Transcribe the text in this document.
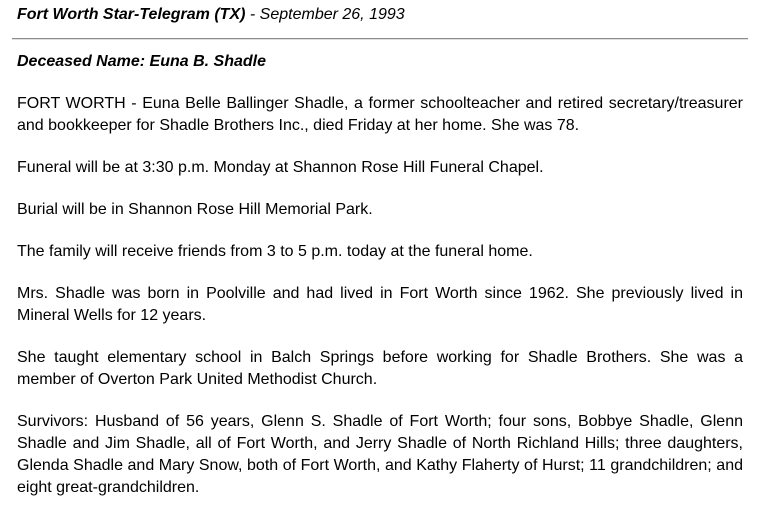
Fort Worth Star-Telegram (TX) - September 26, 1993
Deceased Name: Euna B. Shadle

FORT WORTH - Euna Belle Ballinger Shadle, a former schoolteacher and retired secretary/treasurer and bookkeeper for Shadle Brothers Inc., died Friday at her home. She was 78.

Funeral will be at 3:30 p.m. Monday at Shannon Rose Hill Funeral Chapel.

Burial will be in Shannon Rose Hill Memorial Park.

The family will receive friends from 3 to 5 p.m. today at the funeral home.

Mrs. Shadle was born in Poolville and had lived in Fort Worth since 1962. She previously lived in Mineral Wells for 12 years.

She taught elementary school in Balch Springs before working for Shadle Brothers. She was a member of Overton Park United Methodist Church.

Survivors: Husband of 56 years, Glenn S. Shadle of Fort Worth; four sons, Bobbye Shadle, Glenn Shadle and Jim Shadle, all of Fort Worth, and Jerry Shadle of North Richland Hills; three daughters, Glenda Shadle and Mary Snow, both of Fort Worth, and Kathy Flaherty of Hurst; 11 grandchildren; and eight great-grandchildren.
